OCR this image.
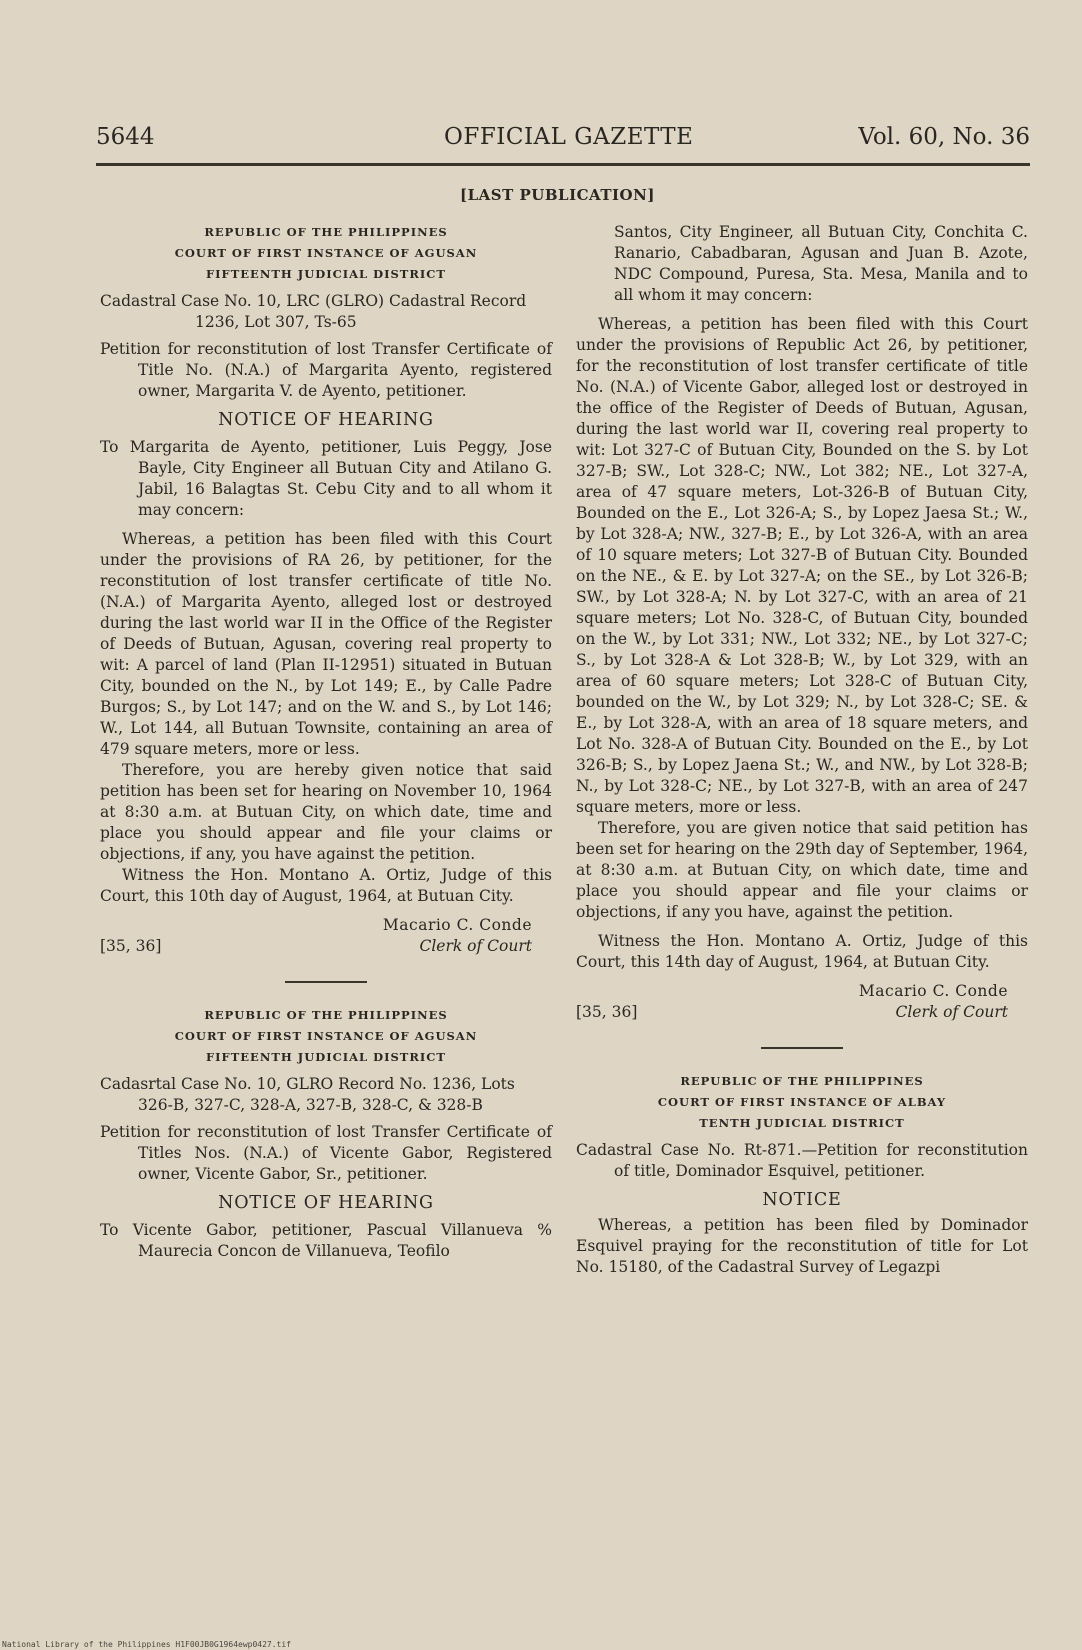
5644	OFFICIAL GAZETTE	Vol. 60, No. 36
[LAST PUBLICATION]
REPUBLIC OF THE PHILIPPINES
COURT OF FIRST INSTANCE OF AGUSAN
FIFTEENTH JUDICIAL DISTRICT
Cadastral Case No. 10, LRC (GLRO) Cadastral Record 1236, Lot 307, Ts-65
Petition for reconstitution of lost Transfer Certificate of Title No. (N.A.) of Margarita Ayento, registered owner, Margarita V. de Ayento, petitioner.
NOTICE OF HEARING
To Margarita de Ayento, petitioner, Luis Peggy, Jose Bayle, City Engineer all Butuan City and Atilano G. Jabil, 16 Balagtas St. Cebu City and to all whom it may concern:

Whereas, a petition has been filed with this Court under the provisions of RA 26, by petitioner, for the reconstitution of lost transfer certificate of title No. (N.A.) of Margarita Ayento, alleged lost or destroyed during the last world war II in the Office of the Register of Deeds of Butuan, Agusan, covering real property to wit: A parcel of land (Plan II-12951) situated in Butuan City, bounded on the N., by Lot 149; E., by Calle Padre Burgos; S., by Lot 147; and on the W. and S., by Lot 146; W., Lot 144, all Butuan Townsite, containing an area of 479 square meters, more or less.

Therefore, you are hereby given notice that said petition has been set for hearing on November 10, 1964 at 8:30 a.m. at Butuan City, on which date, time and place you should appear and file your claims or objections, if any, you have against the petition.

Witness the Hon. Montano A. Ortiz, Judge of this Court, this 10th day of August, 1964, at Butuan City.

[35, 36]
Macario C. Conde
Clerk of Court
REPUBLIC OF THE PHILIPPINES
COURT OF FIRST INSTANCE OF AGUSAN
FIFTEENTH JUDICIAL DISTRICT
Cadasrtal Case No. 10, GLRO Record No. 1236, Lots 326-B, 327-C, 328-A, 327-B, 328-C, & 328-B
Petition for reconstitution of lost Transfer Certificate of Titles Nos. (N.A.) of Vicente Gabor, Registered owner, Vicente Gabor, Sr., petitioner.
NOTICE OF HEARING
To Vicente Gabor, petitioner, Pascual Villanueva % Maurecia Concon de Villanueva, Teofilo
Santos, City Engineer, all Butuan City, Conchita C. Ranario, Cabadbaran, Agusan and Juan B. Azote, NDC Compound, Puresa, Sta. Mesa, Manila and to all whom it may concern:

Whereas, a petition has been filed with this Court under the provisions of Republic Act 26, by petitioner, for the reconstitution of lost transfer certificate of title No. (N.A.) of Vicente Gabor, alleged lost or destroyed in the office of the Register of Deeds of Butuan, Agusan, during the last world war II, covering real property to wit: Lot 327-C of Butuan City, Bounded on the S. by Lot 327-B; SW., Lot 328-C; NW., Lot 382; NE., Lot 327-A, area of 47 square meters, Lot-326-B of Butuan City, Bounded on the E., Lot 326-A; S., by Lopez Jaesa St.; W., by Lot 328-A; NW., 327-B; E., by Lot 326-A, with an area of 10 square meters; Lot 327-B of Butuan City. Bounded on the NE., & E. by Lot 327-A; on the SE., by Lot 326-B; SW., by Lot 328-A; N. by Lot 327-C, with an area of 21 square meters; Lot No. 328-C, of Butuan City, bounded on the W., by Lot 331; NW., Lot 332; NE., by Lot 327-C; S., by Lot 328-A & Lot 328-B; W., by Lot 329, with an area of 60 square meters; Lot 328-C of Butuan City, bounded on the W., by Lot 329; N., by Lot 328-C; SE. & E., by Lot 328-A, with an area of 18 square meters, and Lot No. 328-A of Butuan City. Bounded on the E., by Lot 326-B; S., by Lopez Jaena St.; W., and NW., by Lot 328-B; N., by Lot 328-C; NE., by Lot 327-B, with an area of 247 square meters, more or less.

Therefore, you are given notice that said petition has been set for hearing on the 29th day of September, 1964, at 8:30 a.m. at Butuan City, on which date, time and place you should appear and file your claims or objections, if any you have, against the petition.

Witness the Hon. Montano A. Ortiz, Judge of this Court, this 14th day of August, 1964, at Butuan City.

[35, 36]
Macario C. Conde
Clerk of Court
REPUBLIC OF THE PHILIPPINES
COURT OF FIRST INSTANCE OF ALBAY
TENTH JUDICIAL DISTRICT
Cadastral Case No. Rt-871.—Petition for reconstitution of title, Dominador Esquivel, petitioner.
NOTICE

Whereas, a petition has been filed by Dominador Esquivel praying for the reconstitution of title for Lot No. 15180, of the Cadastral Survey of Legazpi

National Library of the Philippines H1F00JB0G1964ewp0427.tif
